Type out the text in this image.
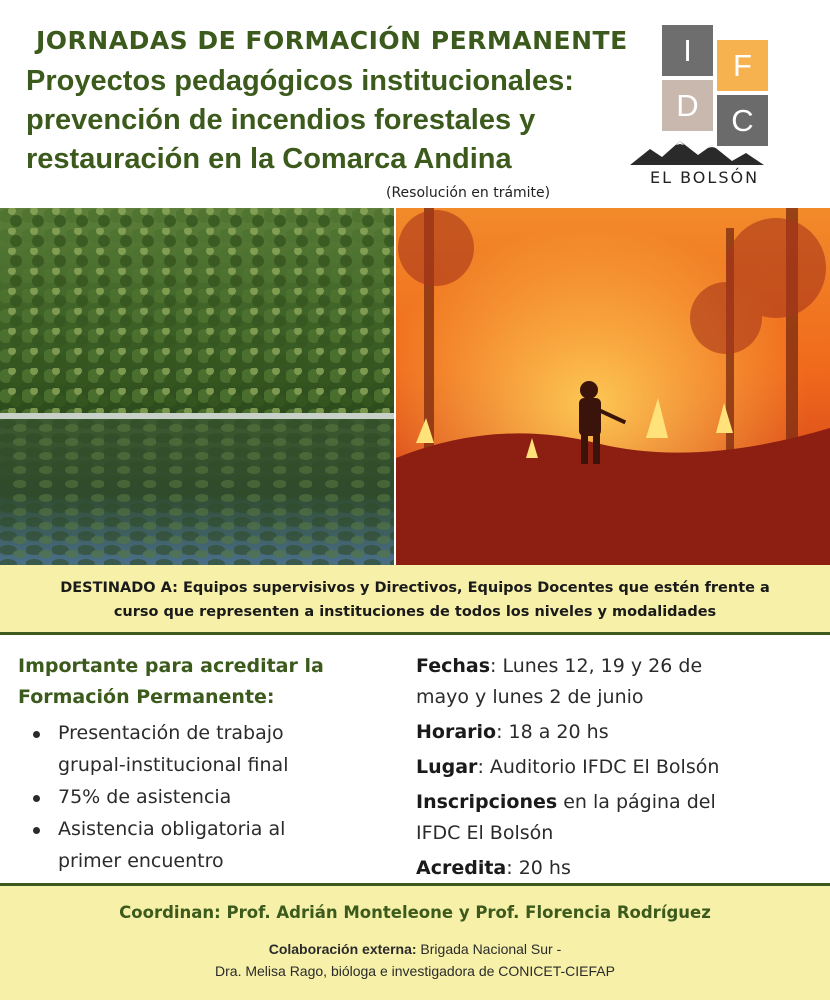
JORNADAS DE FORMACIÓN PERMANENTE
Proyectos pedagógicos institucionales:
prevención de incendios forestales y
restauración en la Comarca Andina
(Resolución en trámite)
I	F
D	C
EL BOLSÓN
DESTINADO A: Equipos supervisivos y Directivos, Equipos Docentes que estén frente a
curso que representen a instituciones de todos los niveles y modalidades
Importante para acreditar la
Formación Permanente:
Presentación de trabajo
grupal-institucional final
75% de asistencia
Asistencia obligatoria al
primer encuentro
Fechas: Lunes 12, 19 y 26 de
mayo y lunes 2 de junio
Horario: 18 a 20 hs
Lugar: Auditorio IFDC El Bolsón
Inscripciones en la página del
IFDC El Bolsón
Acredita: 20 hs
Coordinan: Prof. Adrián Monteleone y Prof. Florencia Rodríguez
Colaboración externa: Brigada Nacional Sur -
Dra. Melisa Rago, bióloga e investigadora de CONICET-CIEFAP
